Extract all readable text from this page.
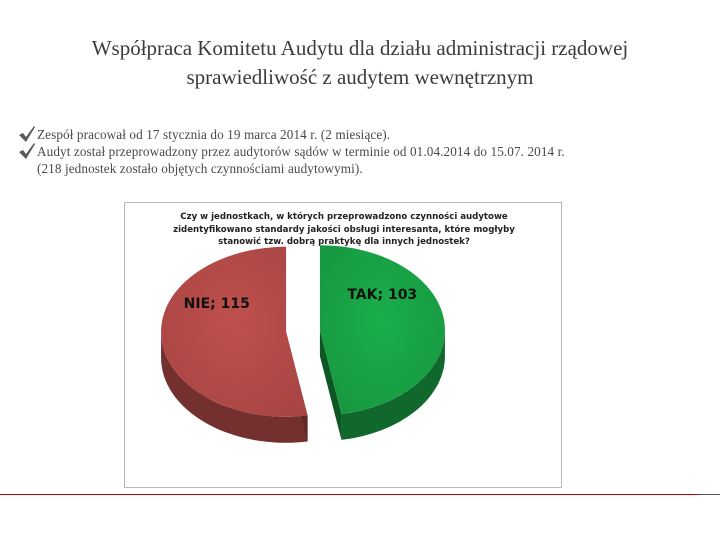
Współpraca Komitetu Audytu dla działu administracji rządowej
sprawiedliwość z audytem wewnętrznym
Zespół pracował od 17 stycznia do 19 marca 2014 r. (2 miesiące).
Audyt został przeprowadzony przez audytorów sądów w terminie od 01.04.2014 do 15.07. 2014 r.
(218 jednostek zostało objętych czynnościami audytowymi).
Czy w jednostkach, w których przeprowadzono czynności audytowe zidentyfikowano standardy jakości obsługi interesanta, które mogłyby stanowić tzw. dobrą praktykę dla innych jednostek?
TAK; 103
NIE; 115
